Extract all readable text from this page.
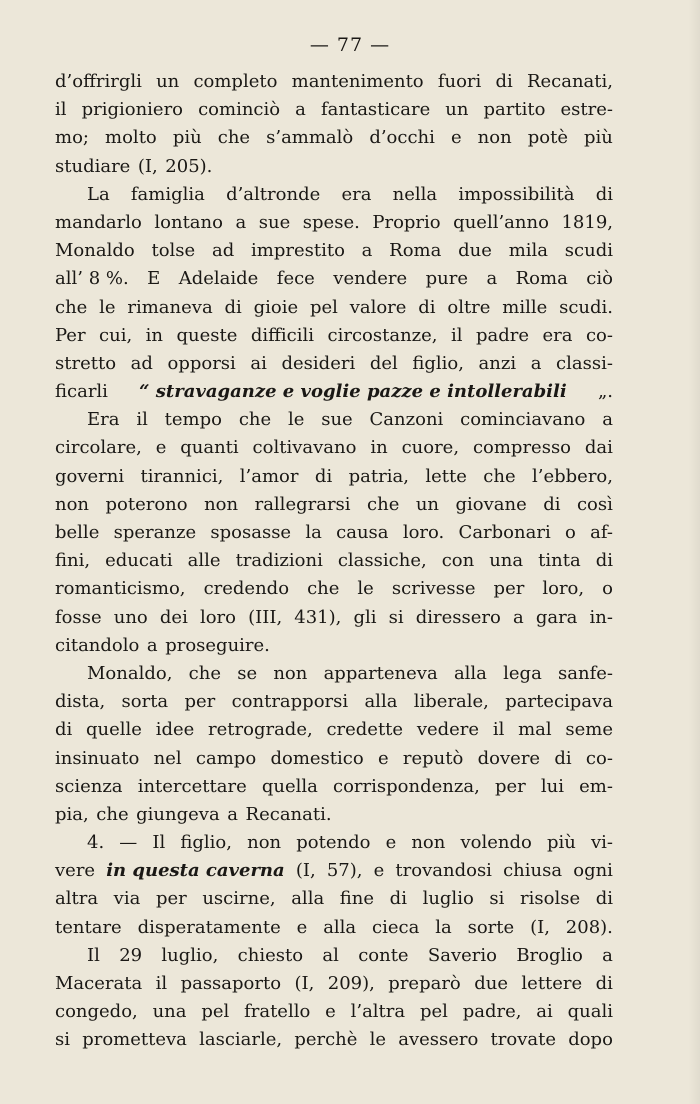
— 77 —
d’offrirgli un completo mantenimento fuori di Recanati,
il prigioniero cominciò a fantasticare un partito estre-
mo; molto più che s’ammalò d’occhi e non potè più
studiare (I, 205).
La famiglia d’altronde era nella impossibilità di
mandarlo lontano a sue spese. Proprio quell’anno 1819,
Monaldo tolse ad imprestito a Roma due mila scudi
all’ 8 %. E Adelaide fece vendere pure a Roma ciò
che le rimaneva di gioie pel valore di oltre mille scudi.
Per cui, in queste difficili circostanze, il padre era co-
stretto ad opporsi ai desideri del figlio, anzi a classi-
ficarli “ stravaganze e voglie pazze e intollerabili „.
Era il tempo che le sue Canzoni cominciavano a
circolare, e quanti coltivavano in cuore, compresso dai
governi tirannici, l’amor di patria, lette che l’ebbero,
non poterono non rallegrarsi che un giovane di così
belle speranze sposasse la causa loro. Carbonari o af-
fini, educati alle tradizioni classiche, con una tinta di
romanticismo, credendo che le scrivesse per loro, o
fosse uno dei loro (III, 431), gli si diressero a gara in-
citandolo a proseguire.
Monaldo, che se non apparteneva alla lega sanfe-
dista, sorta per contrapporsi alla liberale, partecipava
di quelle idee retrograde, credette vedere il mal seme
insinuato nel campo domestico e reputò dovere di co-
scienza intercettare quella corrispondenza, per lui em-
pia, che giungeva a Recanati.
4. — Il figlio, non potendo e non volendo più vi-
vere in questa caverna (I, 57), e trovandosi chiusa ogni
altra via per uscirne, alla fine di luglio si risolse di
tentare disperatamente e alla cieca la sorte (I, 208).
Il 29 luglio, chiesto al conte Saverio Broglio a
Macerata il passaporto (I, 209), preparò due lettere di
congedo, una pel fratello e l’altra pel padre, ai quali
si prometteva lasciarle, perchè le avessero trovate dopo
